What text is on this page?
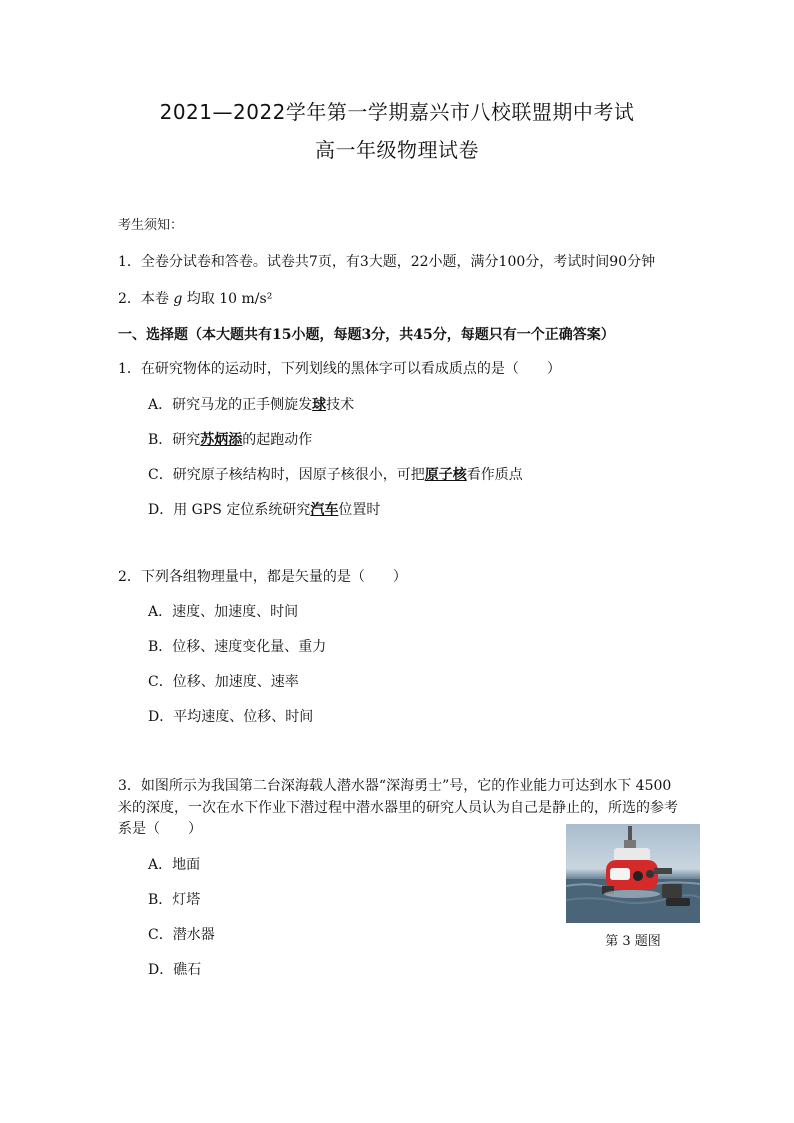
2021—2022学年第一学期嘉兴市八校联盟期中考试
高一年级物理试卷
考生须知：
1．全卷分试卷和答卷。试卷共7页，有3大题，22小题，满分100分，考试时间90分钟
2．本卷 g 均取 10 m/s²
一、选择题（本大题共有15小题，每题3分，共45分，每题只有一个正确答案）
1．在研究物体的运动时，下列划线的黑体字可以看成质点的是（　　）
A．研究马龙的正手侧旋发球技术
B．研究苏炳添的起跑动作
C．研究原子核结构时，因原子核很小，可把原子核看作质点
D．用 GPS 定位系统研究汽车位置时
2．下列各组物理量中，都是矢量的是（　　）
A．速度、加速度、时间
B．位移、速度变化量、重力
C．位移、加速度、速率
D．平均速度、位移、时间
3．如图所示为我国第二台深海载人潜水器“深海勇士”号，它的作业能力可达到水下 4500
米的深度，一次在水下作业下潜过程中潜水器里的研究人员认为自己是静止的，所选的参考
系是（　　）
A．地面
B．灯塔
C．潜水器
D．礁石
第 3 题图
